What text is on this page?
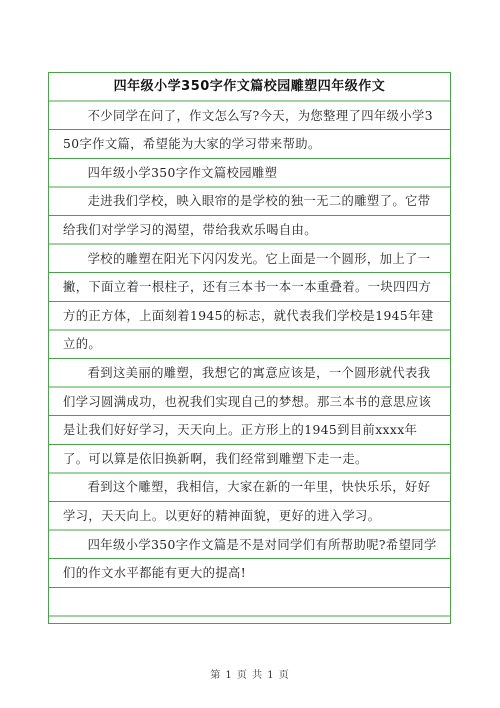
四年级小学350字作文篇校园雕塑四年级作文

不少同学在问了，作文怎么写?今天，为您整理了四年级小学350字作文篇，希望能为大家的学习带来帮助。

四年级小学350字作文篇校园雕塑

走进我们学校，映入眼帘的是学校的独一无二的雕塑了。它带给我们对学学习的渴望，带给我欢乐喝自由。

学校的雕塑在阳光下闪闪发光。它上面是一个圆形，加上了一撇，下面立着一根柱子，还有三本书一本一本重叠着。一块四四方方的正方体，上面刻着1945的标志，就代表我们学校是1945年建立的。

看到这美丽的雕塑，我想它的寓意应该是，一个圆形就代表我们学习圆满成功，也祝我们实现自己的梦想。那三本书的意思应该是让我们好好学习，天天向上。正方形上的1945到目前xxxx年了。可以算是依旧换新啊，我们经常到雕塑下走一走。

看到这个雕塑，我相信，大家在新的一年里，快快乐乐，好好学习，天天向上。以更好的精神面貌，更好的进入学习。

四年级小学350字作文篇是不是对同学们有所帮助呢?希望同学们的作文水平都能有更大的提高!

第 1 页 共 1 页
